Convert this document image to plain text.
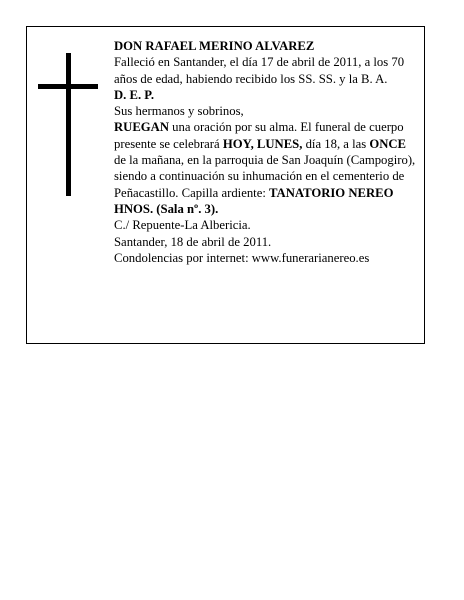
DON RAFAEL MERINO ALVAREZ

Falleció en Santander, el día 17 de abril de 2011, a los 70 años de edad, habiendo recibido los SS. SS. y la B. A.

D. E. P.

Sus hermanos y sobrinos,

RUEGAN una oración por su alma. El funeral de cuerpo presente se celebrará HOY, LUNES, día 18, a las ONCE de la mañana, en la parroquia de San Joaquín (Campogiro), siendo a continuación su inhumación en el cementerio de Peñacastillo. Capilla ardiente: TANATORIO NEREO HNOS. (Sala nº. 3).

C./ Repuente-La Albericia.

Santander, 18 de abril de 2011.

Condolencias por internet: www.funerarianereo.es
